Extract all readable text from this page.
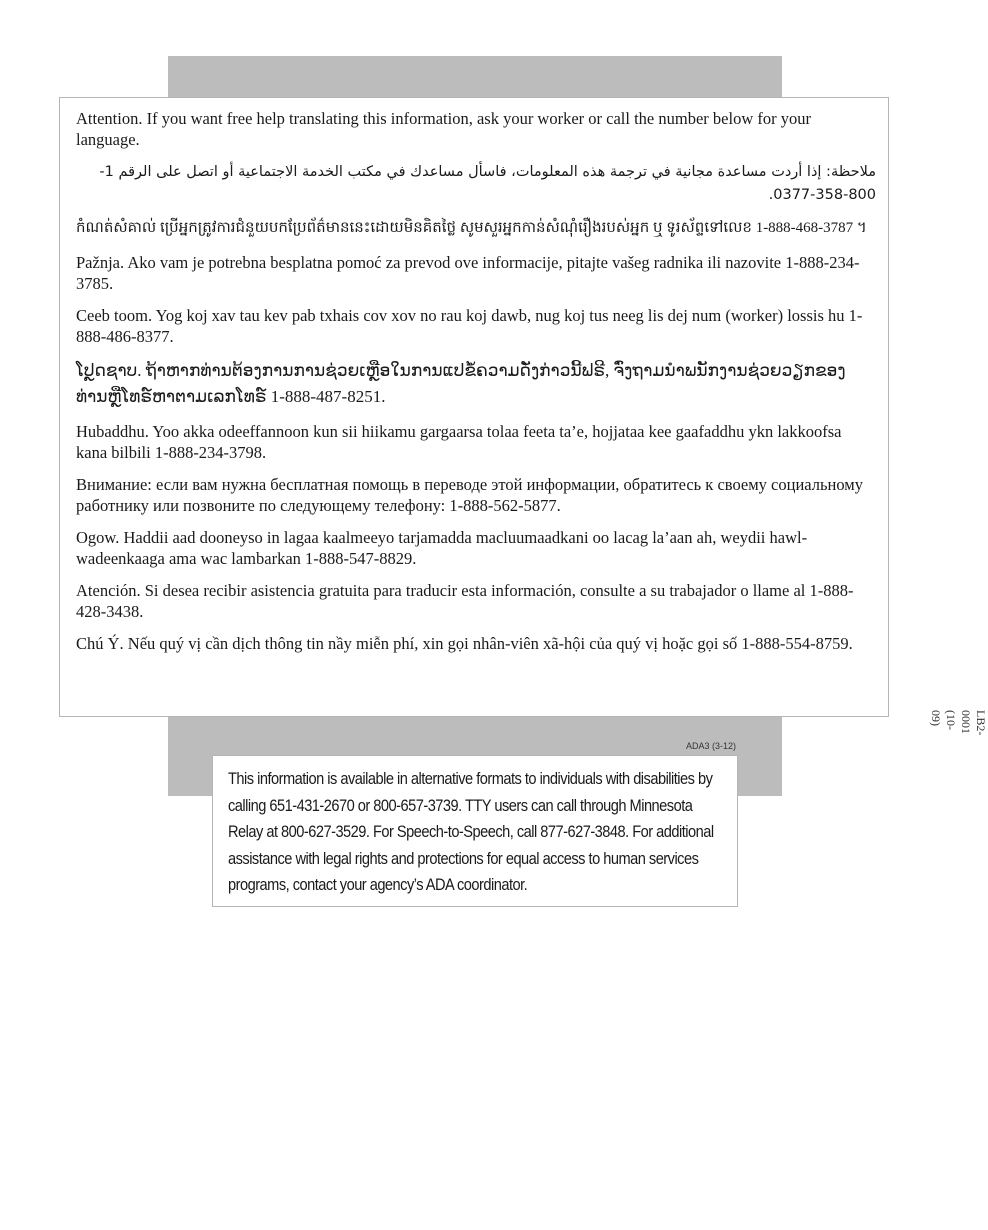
Attention. If you want free help translating this information, ask your worker or call the number below for your language.

ملاحظة: إذا أردت مساعدة مجانية في ترجمة هذه المعلومات، فاسأل مساعدك في مكتب الخدمة الاجتماعية أو اتصل على الرقم 1-800-358-0377.

កំណត់សំគាល់ ប្រើអ្នកត្រូវការជំនួយបកប្រែព័ត៌មាននេះដោយមិនគិតថ្លៃ សូមសួរអ្នកកាន់សំណុំរឿងរបស់អ្នក ឬ ទូរស័ព្ទទៅលេខ 1-888-468-3787 ។

Pažnja. Ako vam je potrebna besplatna pomoć za prevod ove informacije, pitajte vašeg radnika ili nazovite 1-888-234-3785.

Ceeb toom. Yog koj xav tau kev pab txhais cov xov no rau koj dawb, nug koj tus neeg lis dej num (worker) lossis hu 1-888-486-8377.

ໂປຼດຊາບ. ຖ້າຫາກທ່ານຕ້ອງການການຊ່ວຍເຫຼືອໃນການແປຂໍ້ຄວາມດັ່ງກ່າວນີ້ຟຣີ, ຈົ່ງຖາມນໍາພນັກງານຊ່ວຍວຽກຂອງທ່ານຫຼືໂທຣ໌ຫາຕາມເລກໂທຣ໌ 1-888-487-8251.

Hubaddhu. Yoo akka odeeffannoon kun sii hiikamu gargaarsa tolaa feeta ta’e, hojjataa kee gaafaddhu ykn lakkoofsa kana bilbili 1-888-234-3798.

Внимание: если вам нужна бесплатная помощь в переводе этой информации, обратитесь к своему социальному работнику или позвоните по следующему телефону: 1-888-562-5877.

Ogow. Haddii aad dooneyso in lagaa kaalmeeyo tarjamadda macluumaadkani oo lacag la’aan ah, weydii hawl-wadeenkaaga ama wac lambarkan 1-888-547-8829.

Atención. Si desea recibir asistencia gratuita para traducir esta información, consulte a su trabajador o llame al 1-888-428-3438.

Chú Ý. Nếu quý vị cần dịch thông tin nầy miễn phí, xin gọi nhân-viên xã-hội của quý vị hoặc gọi số 1-888-554-8759.

LB2-0001 (10-09)
ADA3 (3-12)
This information is available in alternative formats to individuals with disabilities by calling 651-431-2670 or 800-657-3739. TTY users can call through Minnesota Relay at 800-627-3529. For Speech-to-Speech, call 877-627-3848. For additional assistance with legal rights and protections for equal access to human services programs, contact your agency’s ADA coordinator.
